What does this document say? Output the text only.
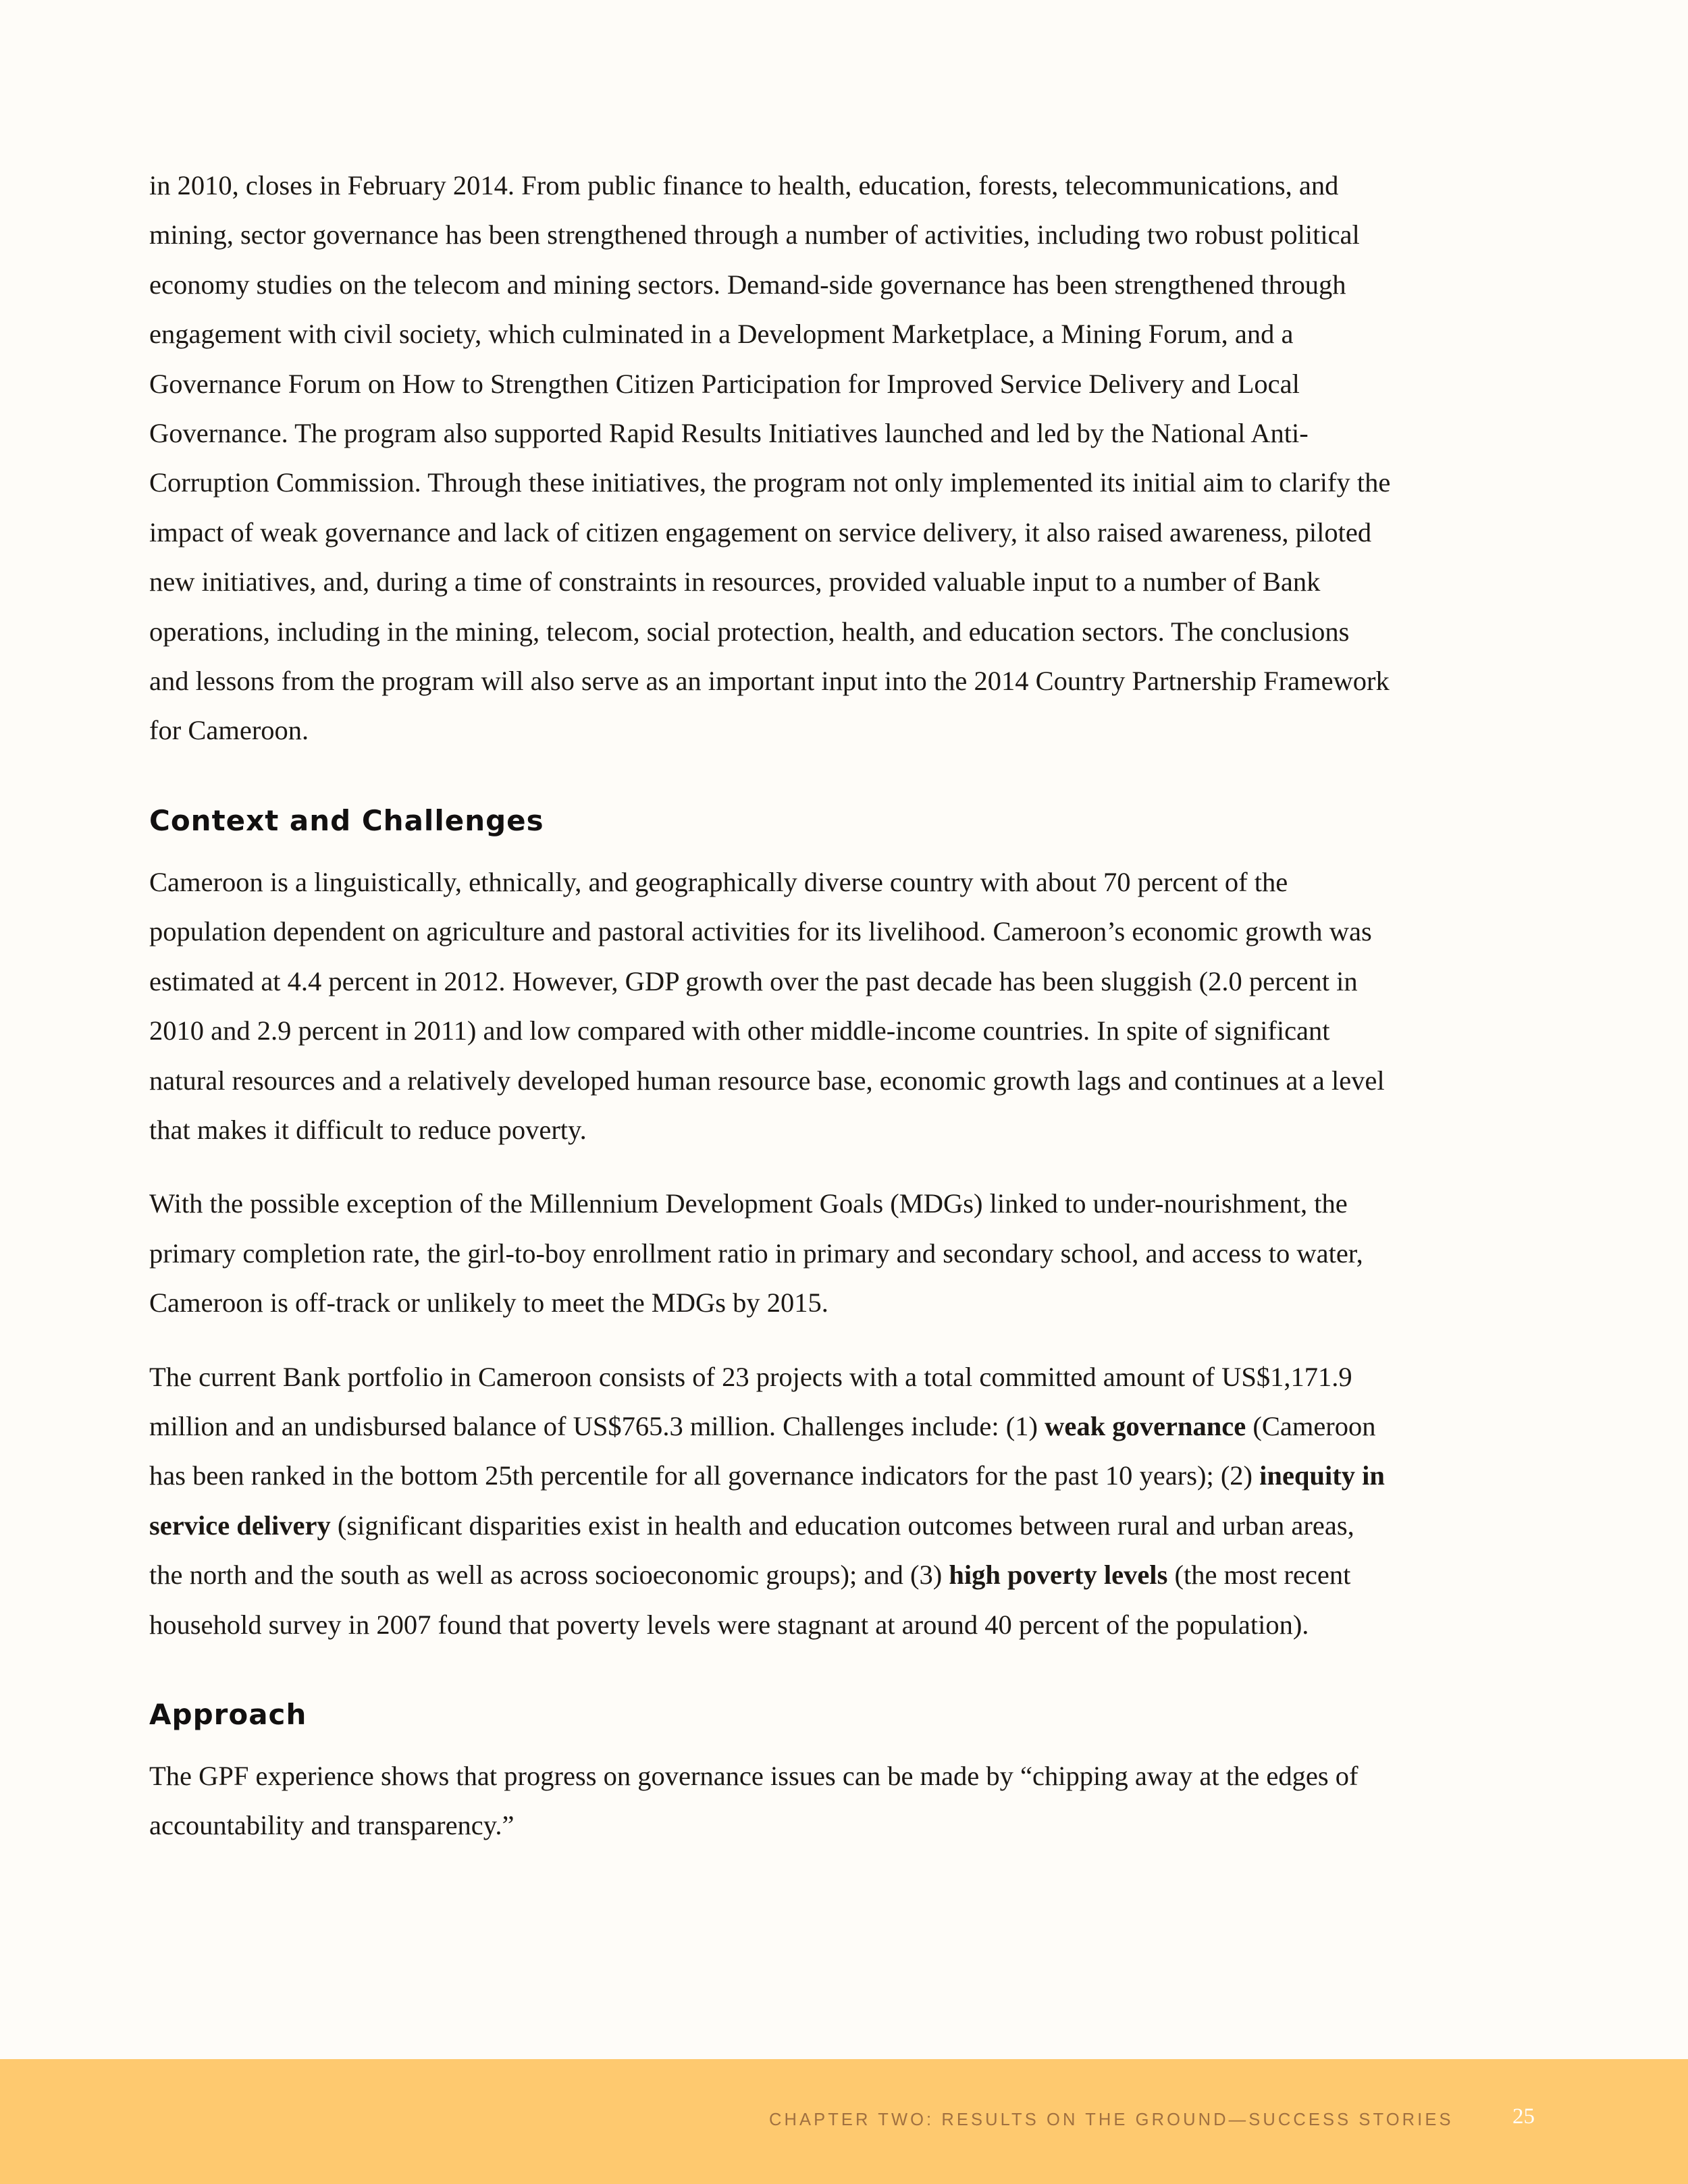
in 2010, closes in February 2014. From public finance to health, education, forests, telecommunications, and mining, sector governance has been strengthened through a number of activities, including two robust political economy studies on the telecom and mining sectors. Demand-side governance has been strengthened through engagement with civil society, which culminated in a Development Marketplace, a Mining Forum, and a Governance Forum on How to Strengthen Citizen Participation for Improved Service Delivery and Local Governance. The program also supported Rapid Results Initiatives launched and led by the National Anti-Corruption Commission. Through these initiatives, the program not only implemented its initial aim to clarify the impact of weak governance and lack of citizen engagement on service delivery, it also raised awareness, piloted new initiatives, and, during a time of constraints in resources, provided valuable input to a number of Bank operations, including in the mining, telecom, social protection, health, and education sectors. The conclusions and lessons from the program will also serve as an important input into the 2014 Country Partnership Framework for Cameroon.

Context and Challenges

Cameroon is a linguistically, ethnically, and geographically diverse country with about 70 percent of the population dependent on agriculture and pastoral activities for its livelihood. Cameroon’s economic growth was estimated at 4.4 percent in 2012. However, GDP growth over the past decade has been sluggish (2.0 percent in 2010 and 2.9 percent in 2011) and low compared with other middle-income countries. In spite of significant natural resources and a relatively developed human resource base, economic growth lags and continues at a level that makes it difficult to reduce poverty.

With the possible exception of the Millennium Development Goals (MDGs) linked to under-nourishment, the primary completion rate, the girl-to-boy enrollment ratio in primary and secondary school, and access to water, Cameroon is off-track or unlikely to meet the MDGs by 2015.

The current Bank portfolio in Cameroon consists of 23 projects with a total committed amount of US$1,171.9 million and an undisbursed balance of US$765.3 million. Challenges include: (1) weak governance (Cameroon has been ranked in the bottom 25th percentile for all governance indicators for the past 10 years); (2) inequity in service delivery (significant disparities exist in health and education outcomes between rural and urban areas, the north and the south as well as across socioeconomic groups); and (3) high poverty levels (the most recent household survey in 2007 found that poverty levels were stagnant at around 40 percent of the population).

Approach

The GPF experience shows that progress on governance issues can be made by “chipping away at the edges of accountability and transparency.”

CHAPTER TWO: RESULTS ON THE GROUND—SUCCESS STORIES	25
